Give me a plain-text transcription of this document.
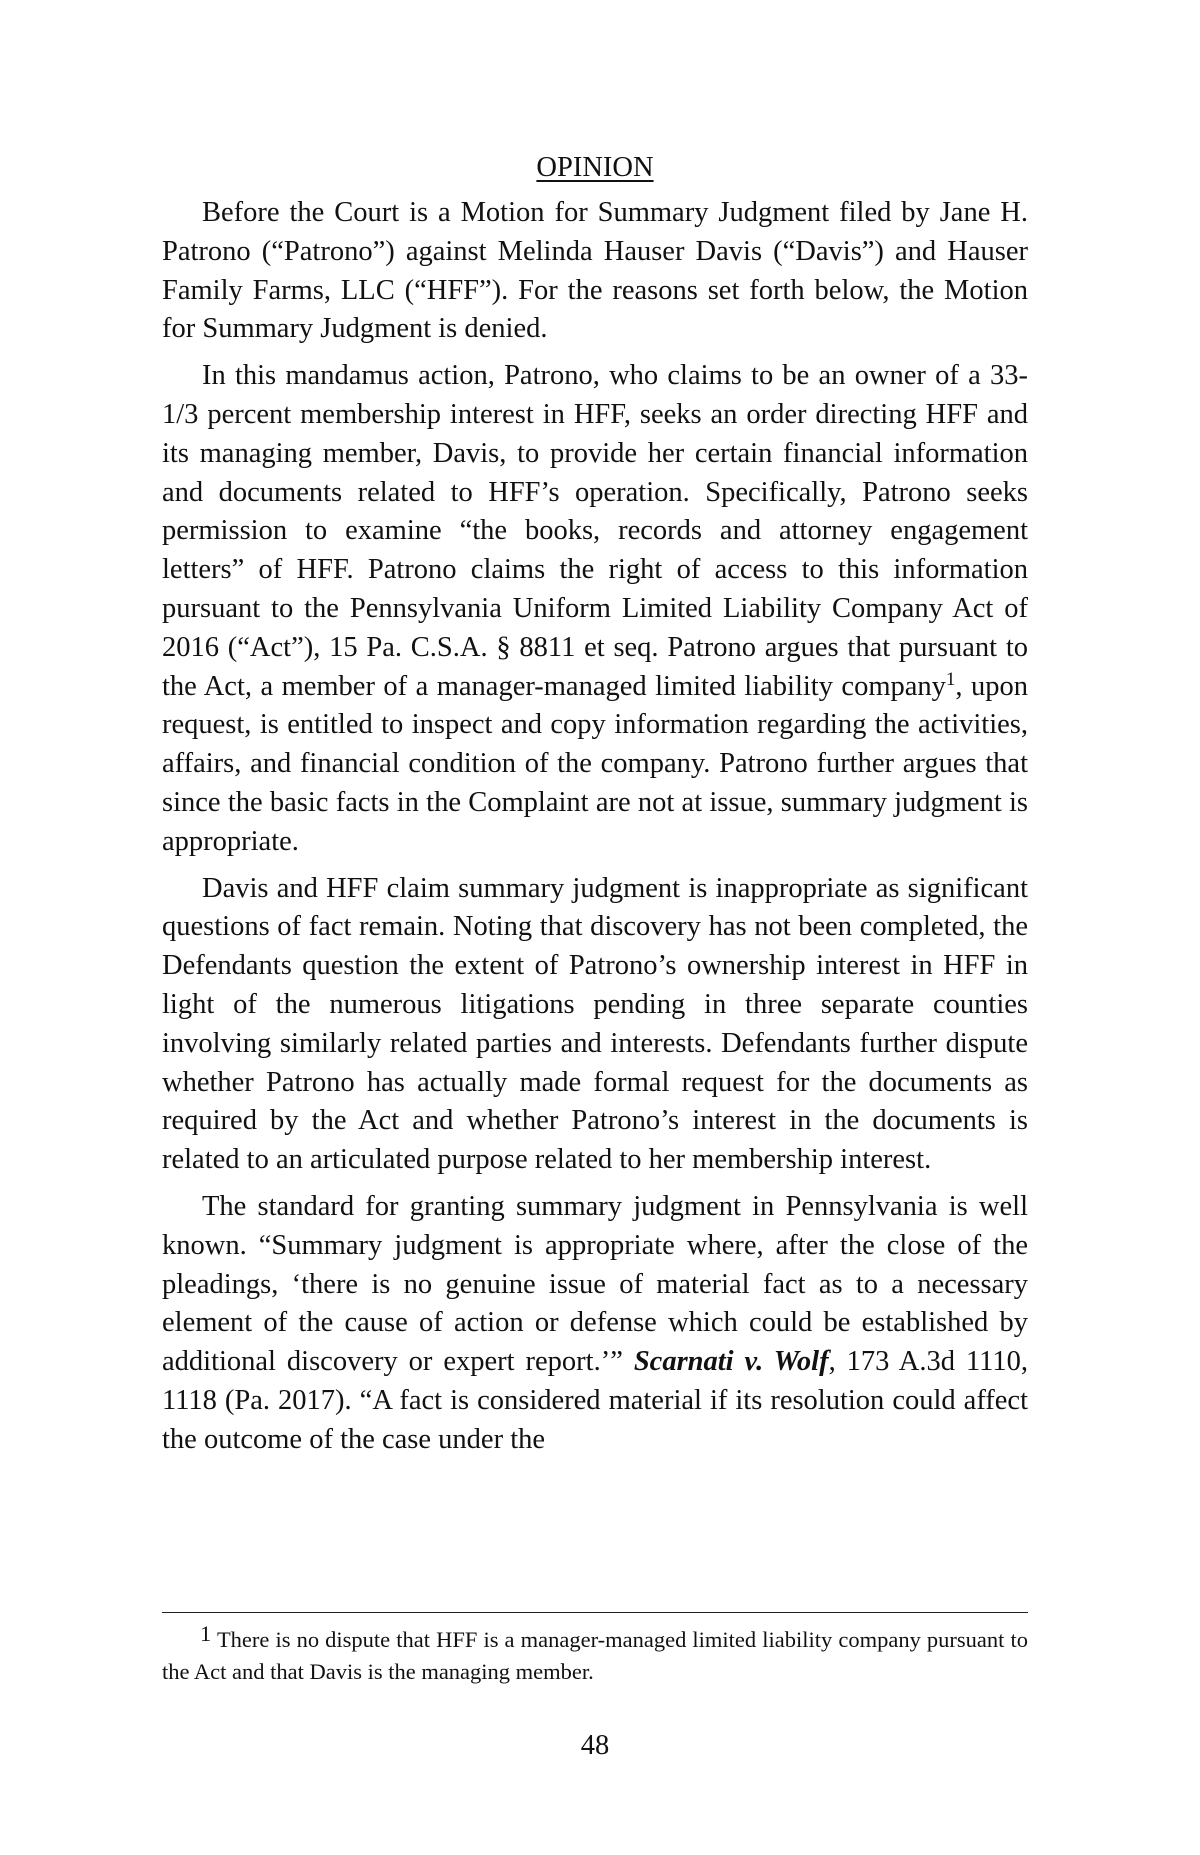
OPINION

Before the Court is a Motion for Summary Judgment filed by Jane H. Patrono (“Patrono”) against Melinda Hauser Davis (“Davis”) and Hauser Family Farms, LLC (“HFF”). For the reasons set forth below, the Motion for Summary Judgment is denied.

In this mandamus action, Patrono, who claims to be an owner of a 33-1/3 percent membership interest in HFF, seeks an order directing HFF and its managing member, Davis, to provide her certain financial information and documents related to HFF’s operation. Specifically, Patrono seeks permission to examine “the books, records and attorney engagement letters” of HFF. Patrono claims the right of access to this information pursuant to the Pennsylvania Uniform Limited Liability Company Act of 2016 (“Act”), 15 Pa. C.S.A. § 8811 et seq. Patrono argues that pursuant to the Act, a member of a manager-managed limited liability company$^1$, upon request, is entitled to inspect and copy information regarding the activities, affairs, and financial condition of the company. Patrono further argues that since the basic facts in the Complaint are not at issue, summary judgment is appropriate.

Davis and HFF claim summary judgment is inappropriate as significant questions of fact remain. Noting that discovery has not been completed, the Defendants question the extent of Patrono’s ownership interest in HFF in light of the numerous litigations pending in three separate counties involving similarly related parties and interests. Defendants further dispute whether Patrono has actually made formal request for the documents as required by the Act and whether Patrono’s interest in the documents is related to an articulated purpose related to her membership interest.

The standard for granting summary judgment in Pennsylvania is well known. “Summary judgment is appropriate where, after the close of the pleadings, ‘there is no genuine issue of material fact as to a necessary element of the cause of action or defense which could be established by additional discovery or expert report.’” Scarnati v. Wolf, 173 A.3d 1110, 1118 (Pa. 2017). “A fact is considered material if its resolution could affect the outcome of the case under the

1 There is no dispute that HFF is a manager-managed limited liability company pursuant to the Act and that Davis is the managing member.

48
